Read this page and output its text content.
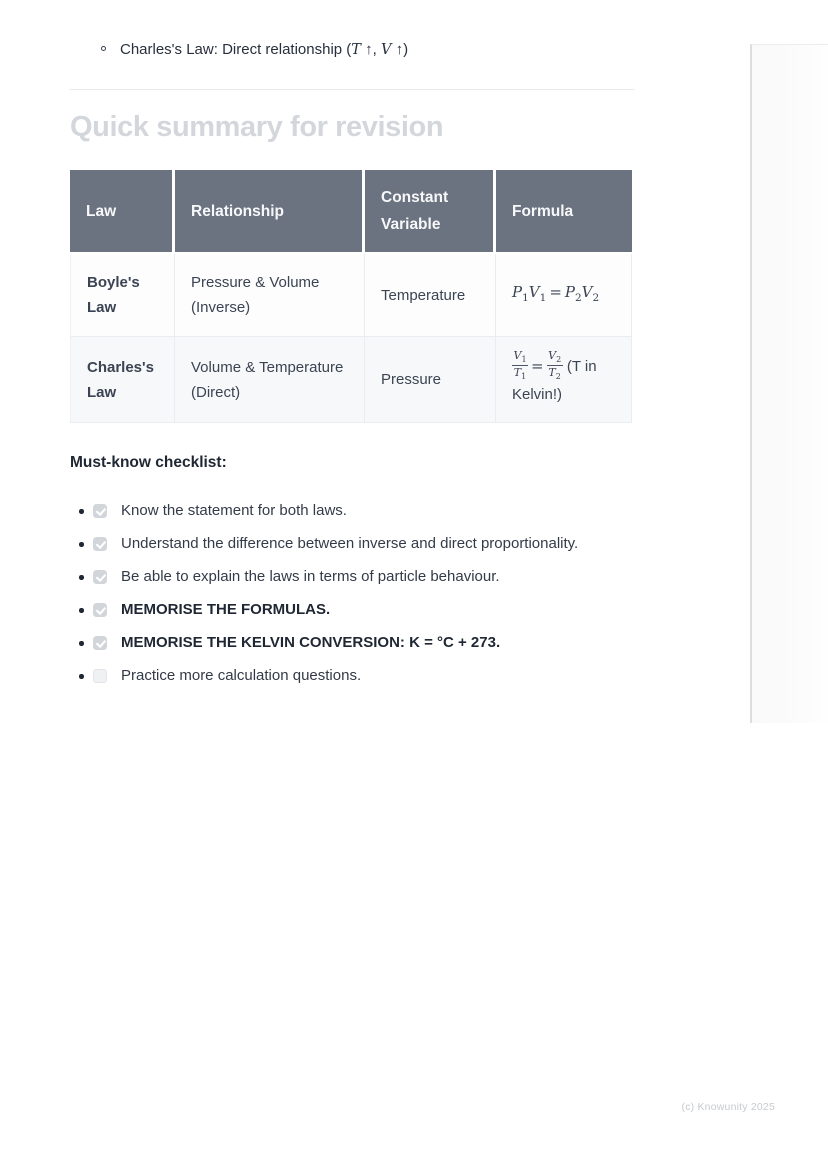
Charles's Law: Direct relationship (T ↑, V ↑)
Quick summary for revision
Law	Relationship	Constant Variable	Formula
Boyle's Law	Pressure & Volume (Inverse)	Temperature	$P_1V_1 = P_2V_2$
Charles's Law	Volume & Temperature (Direct)	Pressure	$\frac{V_1}{T_1} = \frac{V_2}{T_2} (T$ in Kelvin!)
Must-know checklist:
Know the statement for both laws.
Understand the difference between inverse and direct proportionality.
Be able to explain the laws in terms of particle behaviour.
MEMORISE THE FORMULAS.
MEMORISE THE KELVIN CONVERSION: K = °C + 273.
Practice more calculation questions.
(c) Knowunity 2025
